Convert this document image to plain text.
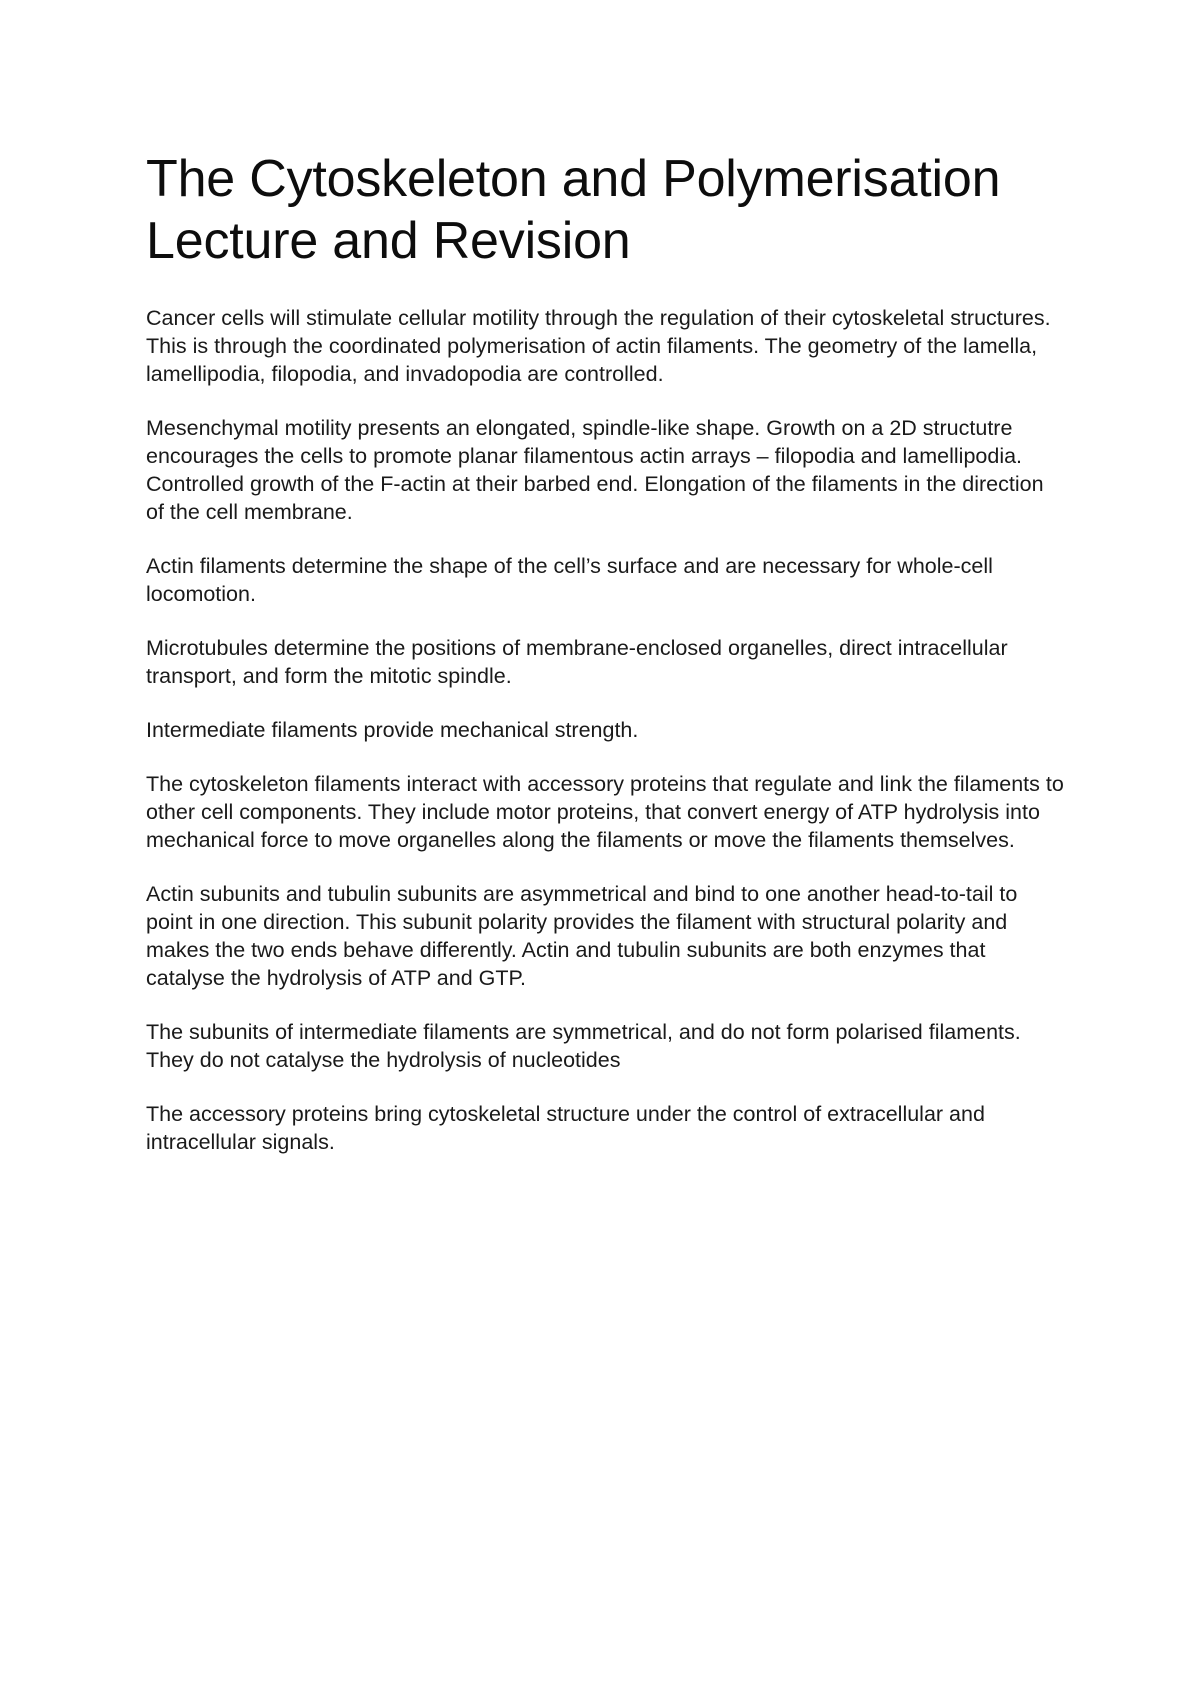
The Cytoskeleton and Polymerisation
Lecture and Revision

Cancer cells will stimulate cellular motility through the regulation of their cytoskeletal structures. This is through the coordinated polymerisation of actin filaments. The geometry of the lamella, lamellipodia, filopodia, and invadopodia are controlled.

Mesenchymal motility presents an elongated, spindle-like shape. Growth on a 2D structutre encourages the cells to promote planar filamentous actin arrays – filopodia and lamellipodia. Controlled growth of the F-actin at their barbed end. Elongation of the filaments in the direction of the cell membrane.

Actin filaments determine the shape of the cell’s surface and are necessary for whole-cell locomotion.

Microtubules determine the positions of membrane-enclosed organelles, direct intracellular transport, and form the mitotic spindle.

Intermediate filaments provide mechanical strength.

The cytoskeleton filaments interact with accessory proteins that regulate and link the filaments to other cell components. They include motor proteins, that convert energy of ATP hydrolysis into mechanical force to move organelles along the filaments or move the filaments themselves.

Actin subunits and tubulin subunits are asymmetrical and bind to one another head-to-tail to point in one direction. This subunit polarity provides the filament with structural polarity and makes the two ends behave differently. Actin and tubulin subunits are both enzymes that catalyse the hydrolysis of ATP and GTP.

The subunits of intermediate filaments are symmetrical, and do not form polarised filaments. They do not catalyse the hydrolysis of nucleotides

The accessory proteins bring cytoskeletal structure under the control of extracellular and intracellular signals.
